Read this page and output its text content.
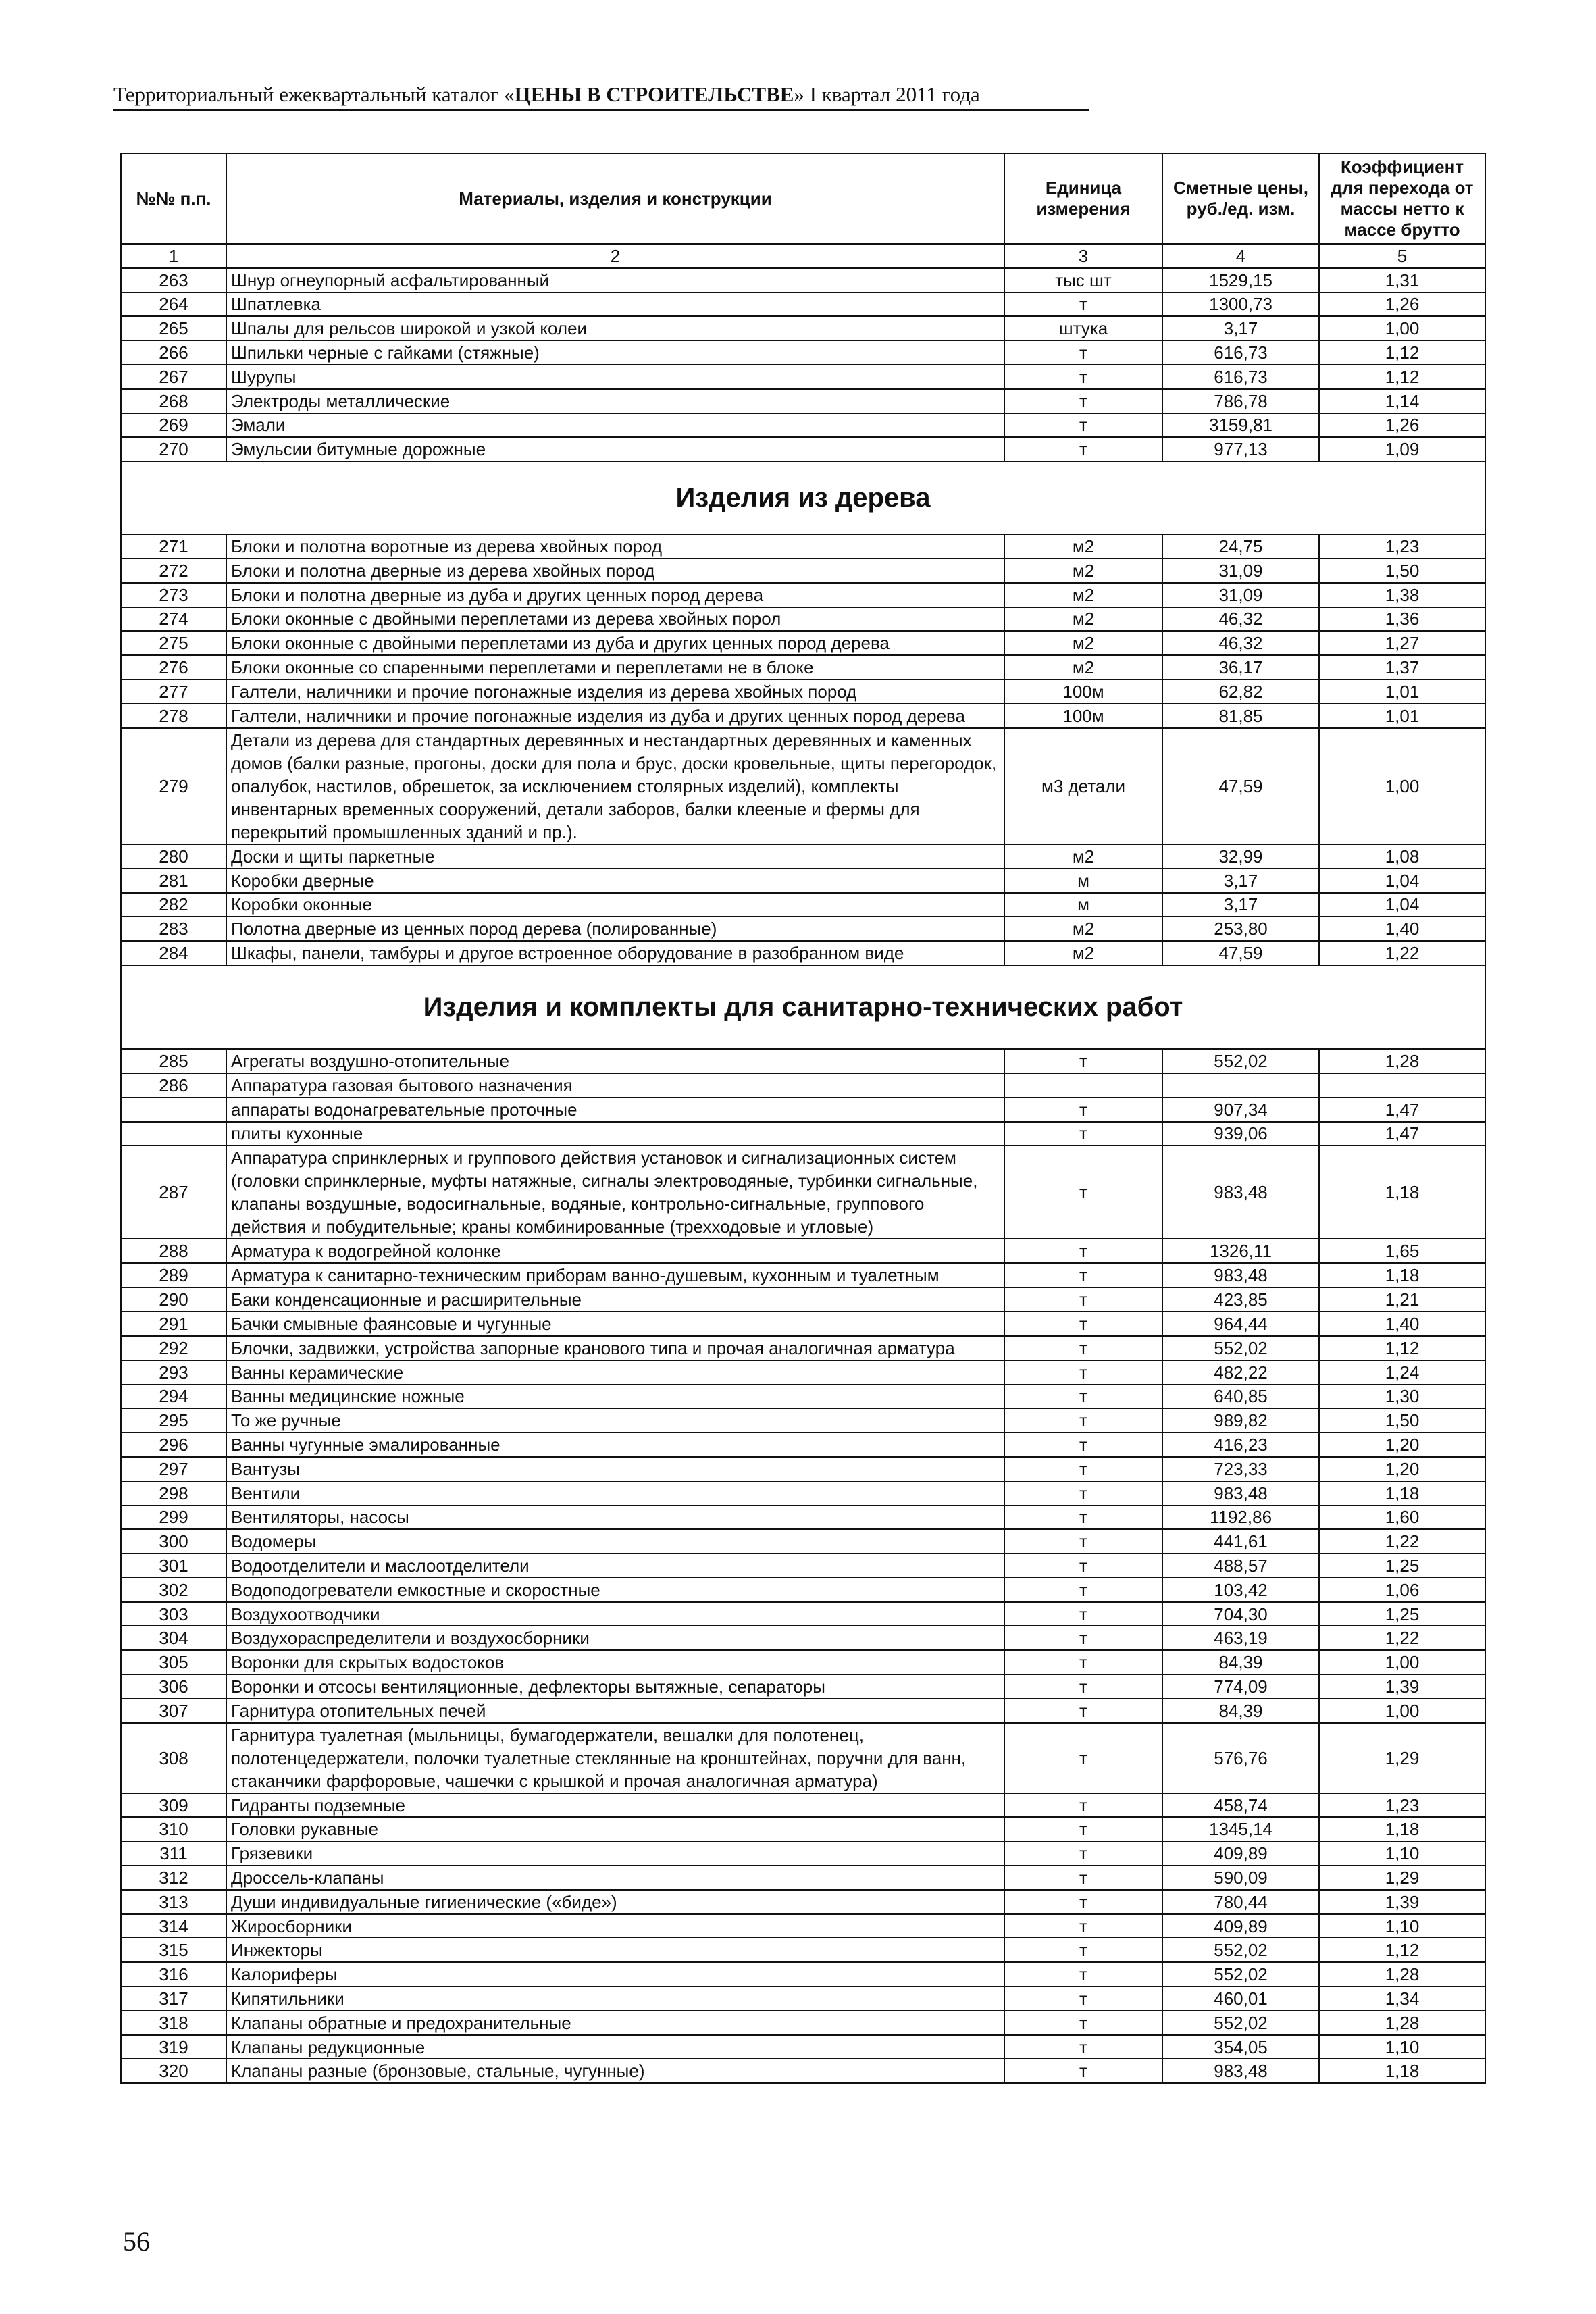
Территориальный ежеквартальный каталог «ЦЕНЫ В СТРОИТЕЛЬСТВЕ» I квартал 2011 года
№№ п.п.	Материалы, изделия и конструкции	Единица измерения	Сметные цены, руб./ед. изм.	Коэффициент для перехода от массы нетто к массе брутто
1	2	3	4	5
263	Шнур огнеупорный асфальтированный	тыс шт	1529,15	1,31
264	Шпатлевка	т	1300,73	1,26
265	Шпалы для рельсов широкой и узкой колеи	штука	3,17	1,00
266	Шпильки черные с гайками (стяжные)	т	616,73	1,12
267	Шурупы	т	616,73	1,12
268	Электроды металлические	т	786,78	1,14
269	Эмали	т	3159,81	1,26
270	Эмульсии битумные дорожные	т	977,13	1,09
Изделия из дерева				
271	Блоки и полотна воротные из дерева хвойных пород	м2	24,75	1,23
272	Блоки и полотна дверные из дерева хвойных пород	м2	31,09	1,50
273	Блоки и полотна дверные из дуба и других ценных пород дерева	м2	31,09	1,38
274	Блоки оконные с двойными переплетами из дерева хвойных порол	м2	46,32	1,36
275	Блоки оконные с двойными переплетами из дуба и других ценных пород дерева	м2	46,32	1,27
276	Блоки оконные со спаренными переплетами и переплетами не в блоке	м2	36,17	1,37
277	Галтели, наличники и прочие погонажные изделия из дерева хвойных пород	100м	62,82	1,01
278	Галтели, наличники и прочие погонажные изделия из дуба и других ценных пород дерева	100м	81,85	1,01
279	Детали из дерева для стандартных деревянных и нестандартных деревянных и каменных домов (балки разные, прогоны, доски для пола и брус, доски кровельные, щиты перегородок, опалубок, настилов, обрешеток, за исключением столярных изделий), комплекты инвентарных временных сооружений, детали заборов, балки клееные и фермы для перекрытий промышленных зданий и пр.).	м3 детали	47,59	1,00
280	Доски и щиты паркетные	м2	32,99	1,08
281	Коробки дверные	м	3,17	1,04
282	Коробки оконные	м	3,17	1,04
283	Полотна дверные из ценных пород дерева (полированные)	м2	253,80	1,40
284	Шкафы, панели, тамбуры и другое встроенное оборудование в разобранном виде	м2	47,59	1,22
Изделия и комплекты для санитарно-технических работ				
285	Агрегаты воздушно-отопительные	т	552,02	1,28
286	Аппаратура газовая бытового назначения			
	аппараты водонагревательные проточные	т	907,34	1,47
	плиты кухонные	т	939,06	1,47
287	Аппаратура спринклерных и группового действия установок и сигнализационных систем (головки спринклерные, муфты натяжные, сигналы электроводяные, турбинки сигнальные, клапаны воздушные, водосигнальные, водяные, контрольно-сигнальные, группового действия и побудительные; краны комбинированные (трехходовые и угловые)	т	983,48	1,18
288	Арматура к водогрейной колонке	т	1326,11	1,65
289	Арматура к санитарно-техническим приборам ванно-душевым, кухонным и туалетным	т	983,48	1,18
290	Баки конденсационные и расширительные	т	423,85	1,21
291	Бачки смывные фаянсовые и чугунные	т	964,44	1,40
292	Блочки, задвижки, устройства запорные кранового типа и прочая аналогичная арматура	т	552,02	1,12
293	Ванны керамические	т	482,22	1,24
294	Ванны медицинские ножные	т	640,85	1,30
295	То же ручные	т	989,82	1,50
296	Ванны чугунные эмалированные	т	416,23	1,20
297	Вантузы	т	723,33	1,20
298	Вентили	т	983,48	1,18
299	Вентиляторы, насосы	т	1192,86	1,60
300	Водомеры	т	441,61	1,22
301	Водоотделители и маслоотделители	т	488,57	1,25
302	Водоподогреватели емкостные и скоростные	т	103,42	1,06
303	Воздухоотводчики	т	704,30	1,25
304	Воздухораспределители и воздухосборники	т	463,19	1,22
305	Воронки для скрытых водостоков	т	84,39	1,00
306	Воронки и отсосы вентиляционные, дефлекторы вытяжные, сепараторы	т	774,09	1,39
307	Гарнитура отопительных печей	т	84,39	1,00
308	Гарнитура туалетная (мыльницы, бумагодержатели, вешалки для полотенец, полотенцедержатели, полочки туалетные стеклянные на кронштейнах, поручни для ванн, стаканчики фарфоровые, чашечки с крышкой и прочая аналогичная арматура)	т	576,76	1,29
309	Гидранты подземные	т	458,74	1,23
310	Головки рукавные	т	1345,14	1,18
311	Грязевики	т	409,89	1,10
312	Дроссель-клапаны	т	590,09	1,29
313	Души индивидуальные гигиенические («биде»)	т	780,44	1,39
314	Жиросборники	т	409,89	1,10
315	Инжекторы	т	552,02	1,12
316	Калориферы	т	552,02	1,28
317	Кипятильники	т	460,01	1,34
318	Клапаны обратные и предохранительные	т	552,02	1,28
319	Клапаны редукционные	т	354,05	1,10
320	Клапаны разные (бронзовые, стальные, чугунные)	т	983,48	1,18
56
